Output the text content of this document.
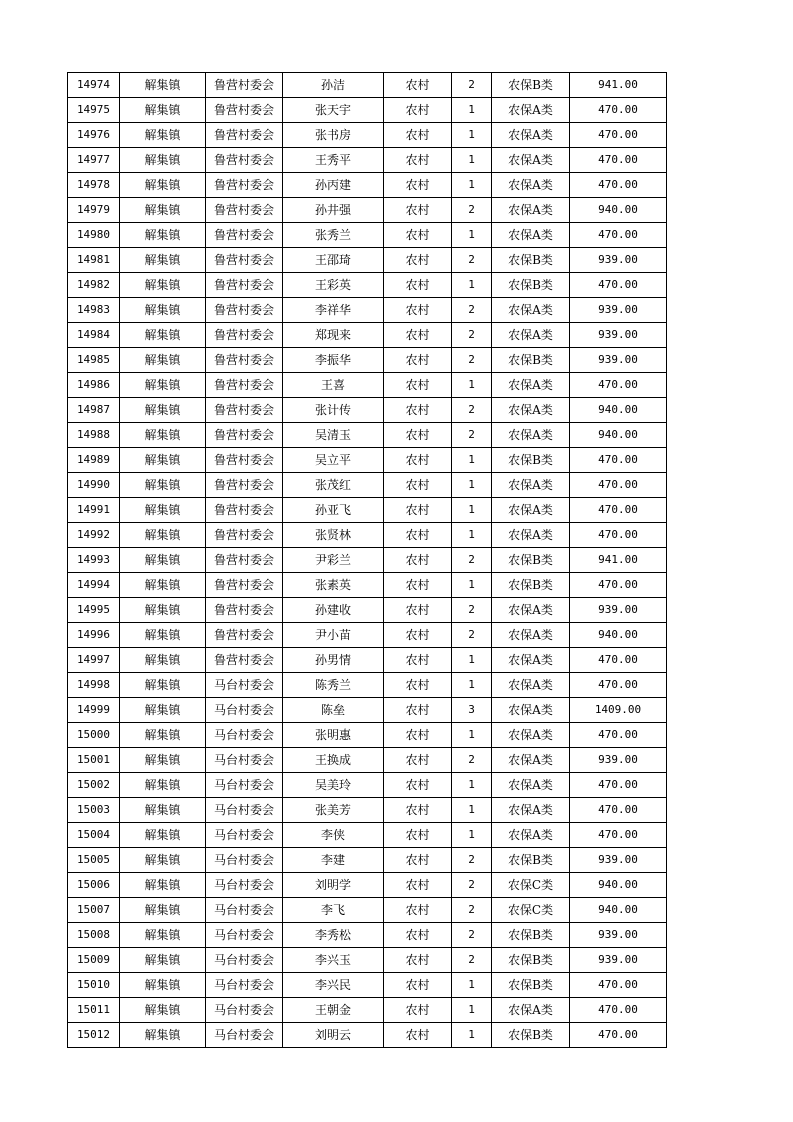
14974	解集镇	鲁营村委会	孙洁	农村	2	农保B类	941.00
14975	解集镇	鲁营村委会	张天宇	农村	1	农保A类	470.00
14976	解集镇	鲁营村委会	张书房	农村	1	农保A类	470.00
14977	解集镇	鲁营村委会	王秀平	农村	1	农保A类	470.00
14978	解集镇	鲁营村委会	孙丙建	农村	1	农保A类	470.00
14979	解集镇	鲁营村委会	孙井强	农村	2	农保A类	940.00
14980	解集镇	鲁营村委会	张秀兰	农村	1	农保A类	470.00
14981	解集镇	鲁营村委会	王邵琦	农村	2	农保B类	939.00
14982	解集镇	鲁营村委会	王彩英	农村	1	农保B类	470.00
14983	解集镇	鲁营村委会	李祥华	农村	2	农保A类	939.00
14984	解集镇	鲁营村委会	郑现来	农村	2	农保A类	939.00
14985	解集镇	鲁营村委会	李振华	农村	2	农保B类	939.00
14986	解集镇	鲁营村委会	王喜	农村	1	农保A类	470.00
14987	解集镇	鲁营村委会	张计传	农村	2	农保A类	940.00
14988	解集镇	鲁营村委会	吴清玉	农村	2	农保A类	940.00
14989	解集镇	鲁营村委会	吴立平	农村	1	农保B类	470.00
14990	解集镇	鲁营村委会	张茂红	农村	1	农保A类	470.00
14991	解集镇	鲁营村委会	孙亚飞	农村	1	农保A类	470.00
14992	解集镇	鲁营村委会	张贤林	农村	1	农保A类	470.00
14993	解集镇	鲁营村委会	尹彩兰	农村	2	农保B类	941.00
14994	解集镇	鲁营村委会	张素英	农村	1	农保B类	470.00
14995	解集镇	鲁营村委会	孙建收	农村	2	农保A类	939.00
14996	解集镇	鲁营村委会	尹小苗	农村	2	农保A类	940.00
14997	解集镇	鲁营村委会	孙男情	农村	1	农保A类	470.00
14998	解集镇	马台村委会	陈秀兰	农村	1	农保A类	470.00
14999	解集镇	马台村委会	陈垒	农村	3	农保A类	1409.00
15000	解集镇	马台村委会	张明惠	农村	1	农保A类	470.00
15001	解集镇	马台村委会	王换成	农村	2	农保A类	939.00
15002	解集镇	马台村委会	吴美玲	农村	1	农保A类	470.00
15003	解集镇	马台村委会	张美芳	农村	1	农保A类	470.00
15004	解集镇	马台村委会	李侠	农村	1	农保A类	470.00
15005	解集镇	马台村委会	李建	农村	2	农保B类	939.00
15006	解集镇	马台村委会	刘明学	农村	2	农保C类	940.00
15007	解集镇	马台村委会	李飞	农村	2	农保C类	940.00
15008	解集镇	马台村委会	李秀松	农村	2	农保B类	939.00
15009	解集镇	马台村委会	李兴玉	农村	2	农保B类	939.00
15010	解集镇	马台村委会	李兴民	农村	1	农保B类	470.00
15011	解集镇	马台村委会	王朝金	农村	1	农保A类	470.00
15012	解集镇	马台村委会	刘明云	农村	1	农保B类	470.00
